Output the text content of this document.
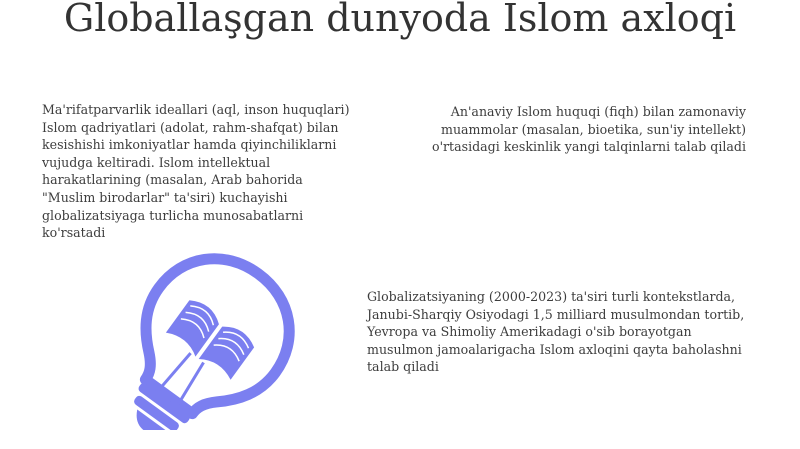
Globallaşgan dunyoda Islom axloqi

Ma'rifatparvarlik ideallari (aql, inson huquqlari) Islom qadriyatlari (adolat, rahm-shafqat) bilan kesishishi imkoniyatlar hamda qiyinchiliklarni vujudga keltiradi. Islom intellektual harakatlarining (masalan, Arab bahorida "Muslim birodarlar" ta'siri) kuchayishi globalizatsiyaga turlicha munosabatlarni ko'rsatadi

An'anaviy Islom huquqi (fiqh) bilan zamonaviy muammolar (masalan, bioetika, sun'iy intellekt) o'rtasidagi keskinlik yangi talqinlarni talab qiladi

Globalizatsiyaning (2000-2023) ta'siri turli kontekstlarda, Janubi-Sharqiy Osiyodagi 1,5 milliard musulmondan tortib, Yevropa va Shimoliy Amerikadagi o'sib borayotgan musulmon jamoalarigacha Islom axloqini qayta baholashni talab qiladi
